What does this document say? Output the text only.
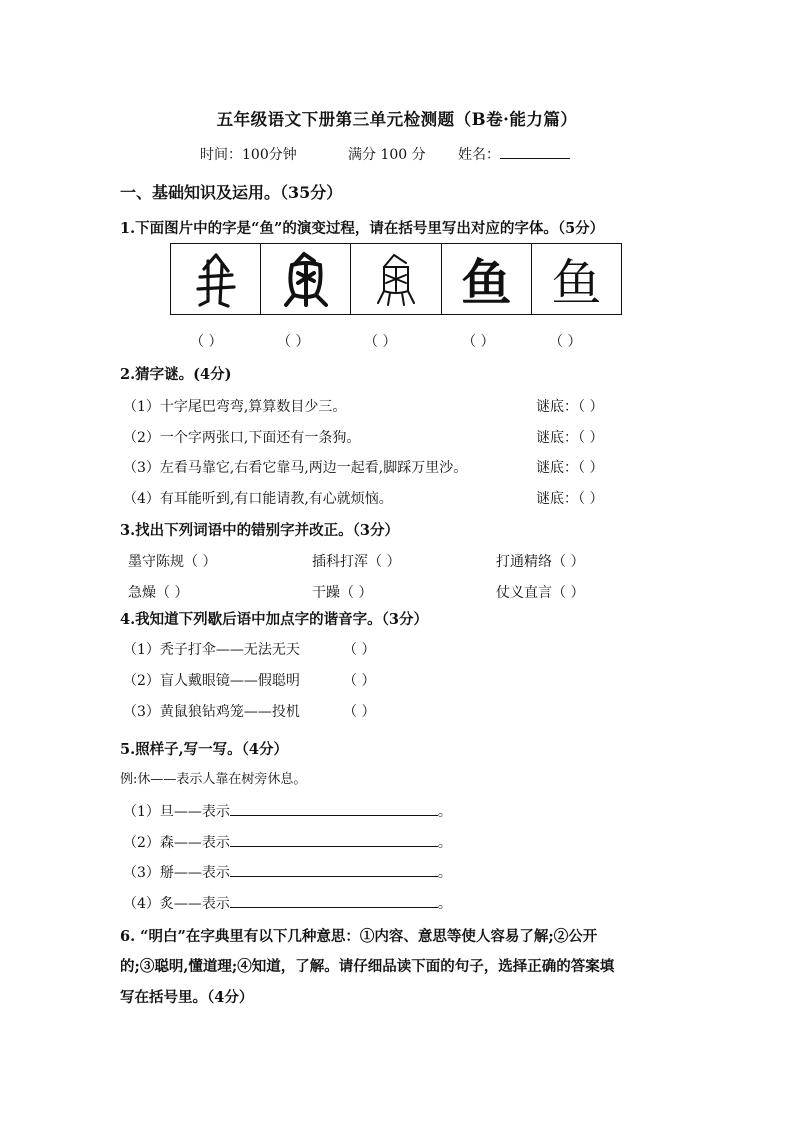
五年级语文下册第三单元检测题（B卷·能力篇）
时间：100分钟	满分 100 分 姓名：
一、基础知识及运用。（35分）
1.下面图片中的字是“鱼”的演变过程，请在括号里写出对应的字体。（5分）
鱼 鱼
（ ）	（ ）	（ ）	（ ）	（ ）
2.猜字谜。(4分)
（1）十字尾巴弯弯,算算数目少三。	谜底：（ ）
（2）一个字两张口,下面还有一条狗。	谜底：（ ）
（3）左看马靠它,右看它靠马,两边一起看,脚踩万里沙。	谜底：（ ）
（4）有耳能听到,有口能请教,有心就烦恼。	谜底：（ ）
3.找出下列词语中的错别字并改正。（3分）
墨守陈规（ ）	插科打浑（ ）	打通精络（ ）
急燥（ ）	干躁（ ）	仗义直言（ ）
4.我知道下列歇后语中加点字的谐音字。（3分）
（1）秃子打伞——无法无天	（ ）
（2）盲人戴眼镜——假聪明	（ ）
（3）黄鼠狼钻鸡笼——投机	（ ）
5.照样子,写一写。（4分）
例:休——表示人靠在树旁休息。
（1）旦——表示	。
（2）森——表示	。
（3）掰——表示	。
（4）炙——表示	。
6. “明白”在字典里有以下几种意思：①内容、意思等使人容易了解;②公开
的;③聪明,懂道理;④知道，了解。请仔细品读下面的句子，选择正确的答案填
写在括号里。（4分）
